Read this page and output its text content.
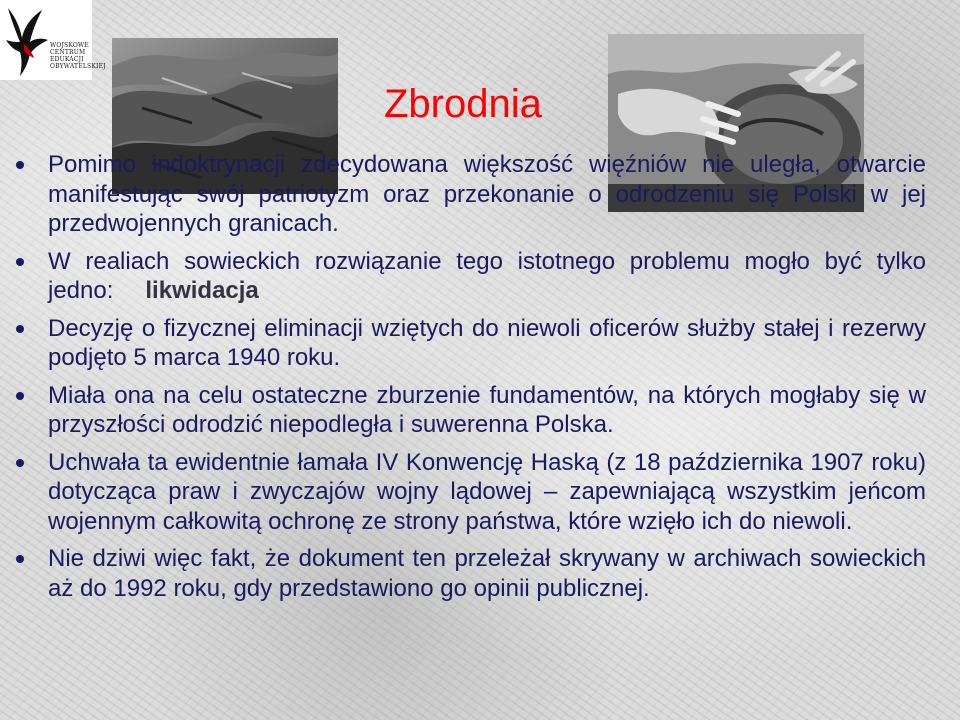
WOJSKOWE
CENTRUM
EDUKACJI
OBYWATELSKIEJ
Zbrodnia
Pomimo indoktrynacji zdecydowana większość więźniów nie uległa, otwarcie manifestując swój patriotyzm oraz przekonanie o odrodzeniu się Polski w jej przedwojennych granicach.
W realiach sowieckich rozwiązanie tego istotnego problemu mogło być tylko jedno: likwidacja
Decyzję o fizycznej eliminacji wziętych do niewoli oficerów służby stałej i rezerwy podjęto 5 marca 1940 roku.
Miała ona na celu ostateczne zburzenie fundamentów, na których mogłaby się w przyszłości odrodzić niepodległa i suwerenna Polska.
Uchwała ta ewidentnie łamała IV Konwencję Haską (z 18 października 1907 roku) dotycząca praw i zwyczajów wojny lądowej – zapewniającą wszystkim jeńcom wojennym całkowitą ochronę ze strony państwa, które wzięło ich do niewoli.
Nie dziwi więc fakt, że dokument ten przeleżał skrywany w archiwach sowieckich aż do 1992 roku, gdy przedstawiono go opinii publicznej.
